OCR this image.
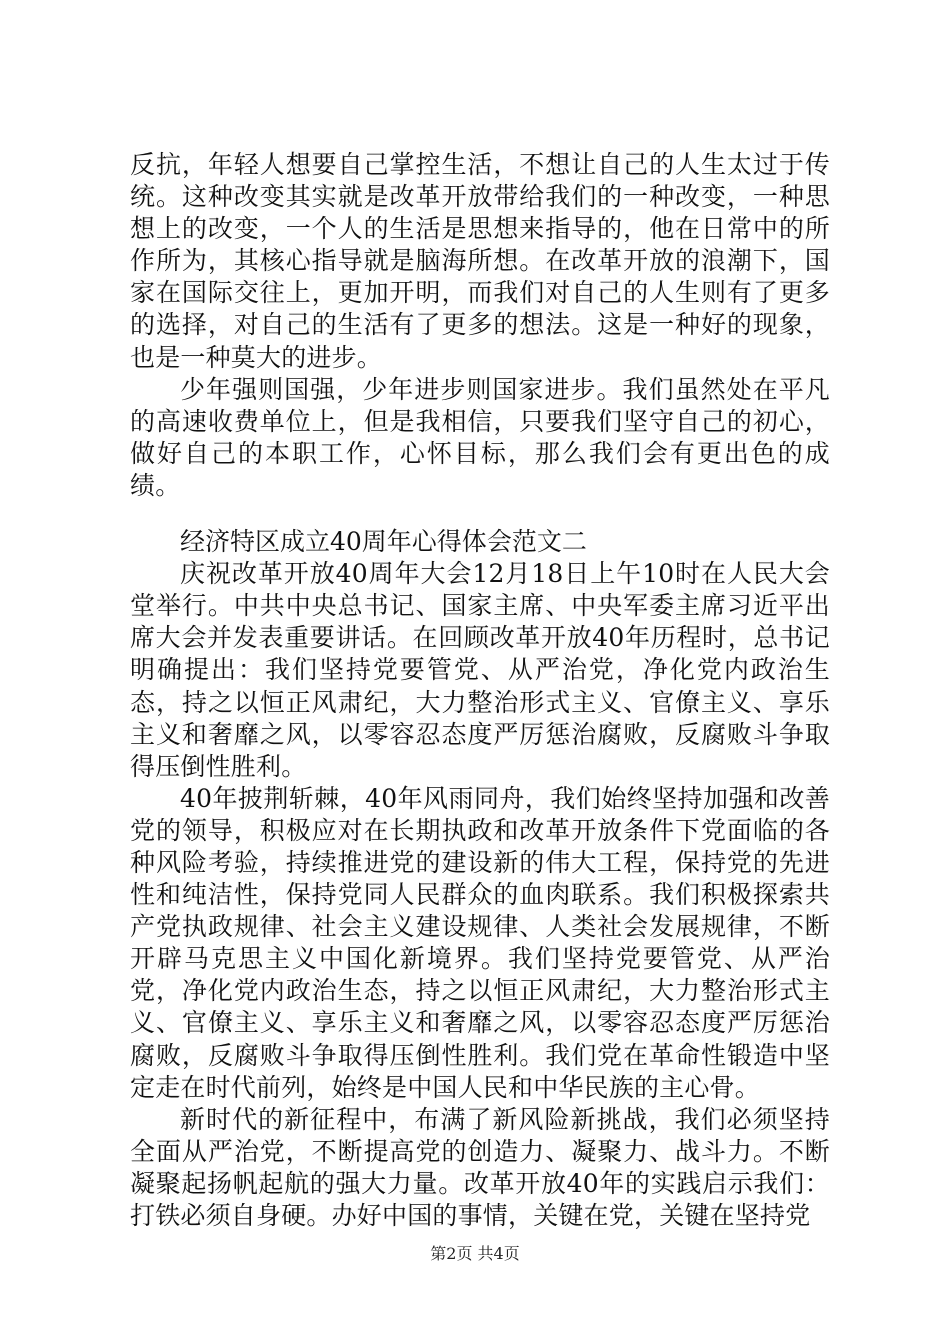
反抗，年轻人想要自己掌控生活，不想让自己的人生太过于传统。这种改变其实就是改革开放带给我们的一种改变，一种思想上的改变，一个人的生活是思想来指导的，他在日常中的所作所为，其核心指导就是脑海所想。在改革开放的浪潮下，国家在国际交往上，更加开明，而我们对自己的人生则有了更多的选择，对自己的生活有了更多的想法。这是一种好的现象，也是一种莫大的进步。

少年强则国强，少年进步则国家进步。我们虽然处在平凡的高速收费单位上，但是我相信，只要我们坚守自己的初心，做好自己的本职工作，心怀目标，那么我们会有更出色的成绩。

经济特区成立40周年心得体会范文二

庆祝改革开放40周年大会12月18日上午10时在人民大会堂举行。中共中央总书记、国家主席、中央军委主席习近平出席大会并发表重要讲话。在回顾改革开放40年历程时，总书记明确提出：我们坚持党要管党、从严治党，净化党内政治生态，持之以恒正风肃纪，大力整治形式主义、官僚主义、享乐主义和奢靡之风，以零容忍态度严厉惩治腐败，反腐败斗争取得压倒性胜利。

40年披荆斩棘，40年风雨同舟，我们始终坚持加强和改善党的领导，积极应对在长期执政和改革开放条件下党面临的各种风险考验，持续推进党的建设新的伟大工程，保持党的先进性和纯洁性，保持党同人民群众的血肉联系。我们积极探索共产党执政规律、社会主义建设规律、人类社会发展规律，不断开辟马克思主义中国化新境界。我们坚持党要管党、从严治党，净化党内政治生态，持之以恒正风肃纪，大力整治形式主义、官僚主义、享乐主义和奢靡之风，以零容忍态度严厉惩治腐败，反腐败斗争取得压倒性胜利。我们党在革命性锻造中坚定走在时代前列，始终是中国人民和中华民族的主心骨。

新时代的新征程中，布满了新风险新挑战，我们必须坚持全面从严治党，不断提高党的创造力、凝聚力、战斗力。不断凝聚起扬帆起航的强大力量。改革开放40年的实践启示我们：打铁必须自身硬。办好中国的事情，关键在党，关键在坚持党

第2页 共4页
